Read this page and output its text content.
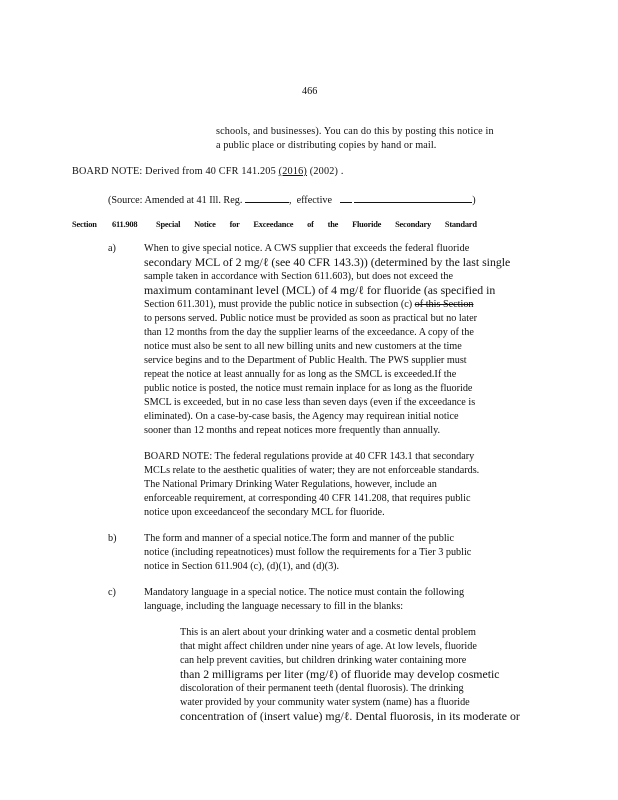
466
schools, and businesses). You can do this by posting this notice in
a public place or distributing copies by hand or mail.
BOARD NOTE: Derived from 40 CFR 141.205 (2016) (2002) .
(Source: Amended at 41 Ill. Reg.	,  effective	)
Section 611.908 Special Notice for Exceedance of the Fluoride Secondary Standard
a)	When to give special notice. A CWS supplier that exceeds the federal fluoride
secondary MCL of 2 mg/ℓ (see 40 CFR 143.3)) (determined by the last single
sample taken in accordance with Section 611.603), but does not exceed the
maximum contaminant level (MCL) of 4 mg/ℓ for fluoride (as specified in
Section 611.301), must provide the public notice in subsection (c) of this Section
to persons served. Public notice must be provided as soon as practical but no later
than 12 months from the day the supplier learns of the exceedance. A copy of the
notice must also be sent to all new billing units and new customers at the time
service begins and to the Department of Public Health. The PWS supplier must
repeat the notice at least annually for as long as the SMCL is exceeded.If the
public notice is posted, the notice must remain inplace for as long as the fluoride
SMCL is exceeded, but in no case less than seven days (even if the exceedance is
eliminated). On a case-by-case basis, the Agency may requirean initial notice
sooner than 12 months and repeat notices more frequently than annually.
BOARD NOTE: The federal regulations provide at 40 CFR 143.1 that secondary
MCLs relate to the aesthetic qualities of water; they are not enforceable standards.
The National Primary Drinking Water Regulations, however, include an
enforceable requirement, at corresponding 40 CFR 141.208, that requires public
notice upon exceedanceof the secondary MCL for fluoride.
b)	The form and manner of a special notice.The form and manner of the public
notice (including repeatnotices) must follow the requirements for a Tier 3 public
notice in Section 611.904 (c), (d)(1), and (d)(3).
c)	Mandatory language in a special notice. The notice must contain the following
language, including the language necessary to fill in the blanks:
This is an alert about your drinking water and a cosmetic dental problem
that might affect children under nine years of age. At low levels, fluoride
can help prevent cavities, but children drinking water containing more
than 2 milligrams per liter (mg/ℓ) of fluoride may develop cosmetic
discoloration of their permanent teeth (dental fluorosis). The drinking
water provided by your community water system (name) has a fluoride
concentration of (insert value) mg/ℓ. Dental fluorosis, in its moderate or
